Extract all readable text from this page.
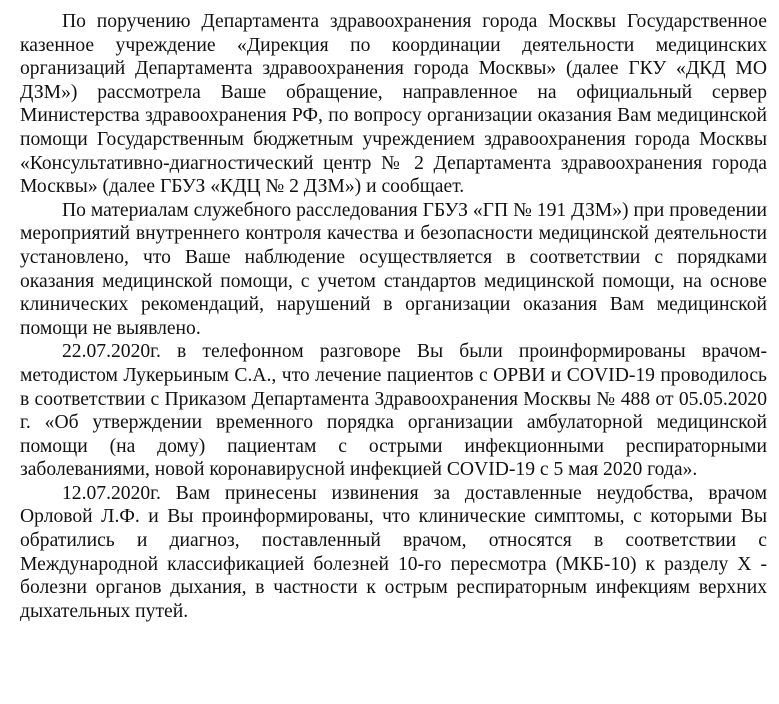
По поручению Департамента здравоохранения города Москвы Государственное казенное учреждение «Дирекция по координации деятельности медицинских организаций Департамента здравоохранения города Москвы» (далее ГКУ «ДКД МО ДЗМ») рассмотрела Ваше обращение, направленное на официальный сервер Министерства здравоохранения РФ, по вопросу организации оказания Вам медицинской помощи Государственным бюджетным учреждением здравоохранения города Москвы «Консультативно-диагностический центр № 2 Департамента здравоохранения города Москвы» (далее ГБУЗ «КДЦ № 2 ДЗМ») и сообщает.

По материалам служебного расследования ГБУЗ «ГП № 191 ДЗМ») при проведении мероприятий внутреннего контроля качества и безопасности медицинской деятельности установлено, что Ваше наблюдение осуществляется в соответствии с порядками оказания медицинской помощи, с учетом стандартов медицинской помощи, на основе клинических рекомендаций, нарушений в организации оказания Вам медицинской помощи не выявлено.

22.07.2020г. в телефонном разговоре Вы были проинформированы врачом-методистом Лукерьиным С.А., что лечение пациентов с ОРВИ и COVID-19 проводилось в соответствии с Приказом Департамента Здравоохранения Москвы № 488 от 05.05.2020 г. «Об утверждении временного порядка организации амбулаторной медицинской помощи (на дому) пациентам с острыми инфекционными респираторными заболеваниями, новой коронавирусной инфекцией COVID-19 с 5 мая 2020 года».

12.07.2020г. Вам принесены извинения за доставленные неудобства, врачом Орловой Л.Ф. и Вы проинформированы, что клинические симптомы, с которыми Вы обратились и диагноз, поставленный врачом, относятся в соответствии с Международной классификацией болезней 10-го пересмотра (МКБ-10) к разделу X - болезни органов дыхания, в частности к острым респираторным инфекциям верхних дыхательных путей.
